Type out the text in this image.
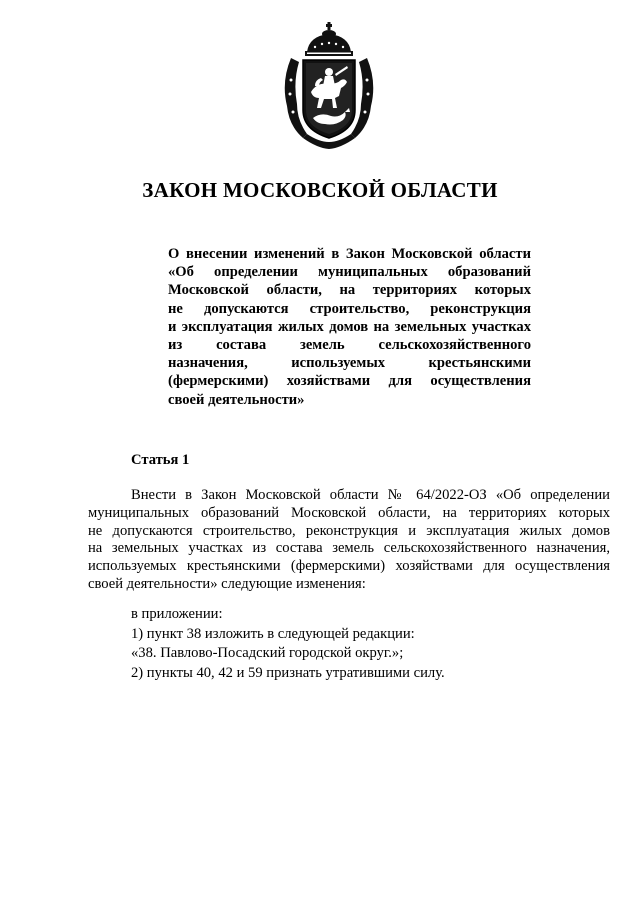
ЗАКОН МОСКОВСКОЙ ОБЛАСТИ

О внесении изменений в Закон Московской области

«Об определении муниципальных образований

Московской области, на территориях которых

не допускаются строительство, реконструкция

и эксплуатация жилых домов на земельных участках

из состава земель сельскохозяйственного

назначения, используемых крестьянскими

(фермерскими) хозяйствами для осуществления

своей деятельности»

Статья 1

Внести в Закон Московской области № 64/2022-ОЗ «Об определении

муниципальных образований Московской области, на территориях которых

не допускаются строительство, реконструкция и эксплуатация жилых домов

на земельных участках из состава земель сельскохозяйственного назначения,

используемых крестьянскими (фермерскими) хозяйствами для осуществления

своей деятельности» следующие изменения:

в приложении:

1) пункт 38 изложить в следующей редакции:

«38. Павлово-Посадский городской округ.»;

2) пункты 40, 42 и 59 признать утратившими силу.
